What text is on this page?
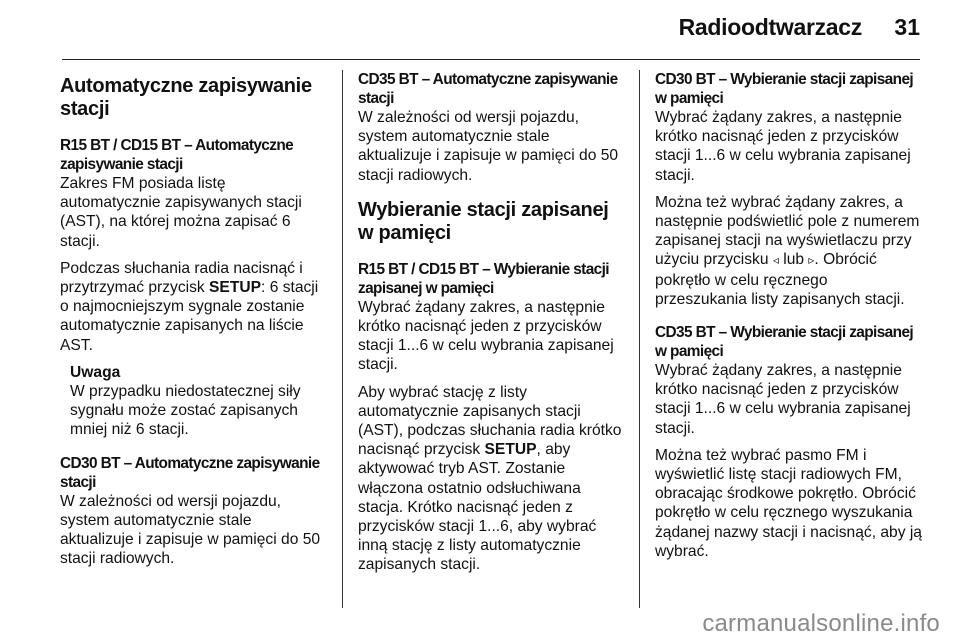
Radioodtwarzacz 31
Automatyczne zapisywanie stacji
R15 BT / CD15 BT – Automatyczne zapisywanie stacji

Zakres FM posiada listę automatycznie zapisywanych stacji (AST), na której można zapisać 6 stacji.

Podczas słuchania radia nacisnąć i przytrzymać przycisk SETUP: 6 stacji o najmocniejszym sygnale zostanie automatycznie zapisanych na liście AST.

Uwaga
W przypadku niedostatecznej siły sygnału może zostać zapisanych mniej niż 6 stacji.
CD30 BT – Automatyczne zapisywanie stacji

W zależności od wersji pojazdu, system automatycznie stale aktualizuje i zapisuje w pamięci do 50 stacji radiowych.

CD35 BT – Automatyczne zapisywanie stacji

W zależności od wersji pojazdu, system automatycznie stale aktualizuje i zapisuje w pamięci do 50 stacji radiowych.

Wybieranie stacji zapisanej w pamięci
R15 BT / CD15 BT – Wybieranie stacji zapisanej w pamięci

Wybrać żądany zakres, a następnie krótko nacisnąć jeden z przycisków stacji 1...6 w celu wybrania zapisanej stacji.

Aby wybrać stację z listy automatycznie zapisanych stacji (AST), podczas słuchania radia krótko nacisnąć przycisk SETUP, aby aktywować tryb AST. Zostanie włączona ostatnio odsłuchiwana stacja. Krótko nacisnąć jeden z przycisków stacji 1...6, aby wybrać inną stację z listy automatycznie zapisanych stacji.

CD30 BT – Wybieranie stacji zapisanej w pamięci

Wybrać żądany zakres, a następnie krótko nacisnąć jeden z przycisków stacji 1...6 w celu wybrania zapisanej stacji.

Można też wybrać żądany zakres, a następnie podświetlić pole z numerem zapisanej stacji na wyświetlaczu przy użyciu przycisku ◃ lub ▹. Obrócić pokrętło w celu ręcznego przeszukania listy zapisanych stacji.

CD35 BT – Wybieranie stacji zapisanej w pamięci

Wybrać żądany zakres, a następnie krótko nacisnąć jeden z przycisków stacji 1...6 w celu wybrania zapisanej stacji.

Można też wybrać pasmo FM i wyświetlić listę stacji radiowych FM, obracając środkowe pokrętło. Obrócić pokrętło w celu ręcznego wyszukania żądanej nazwy stacji i nacisnąć, aby ją wybrać.

carmanualsonline.info
